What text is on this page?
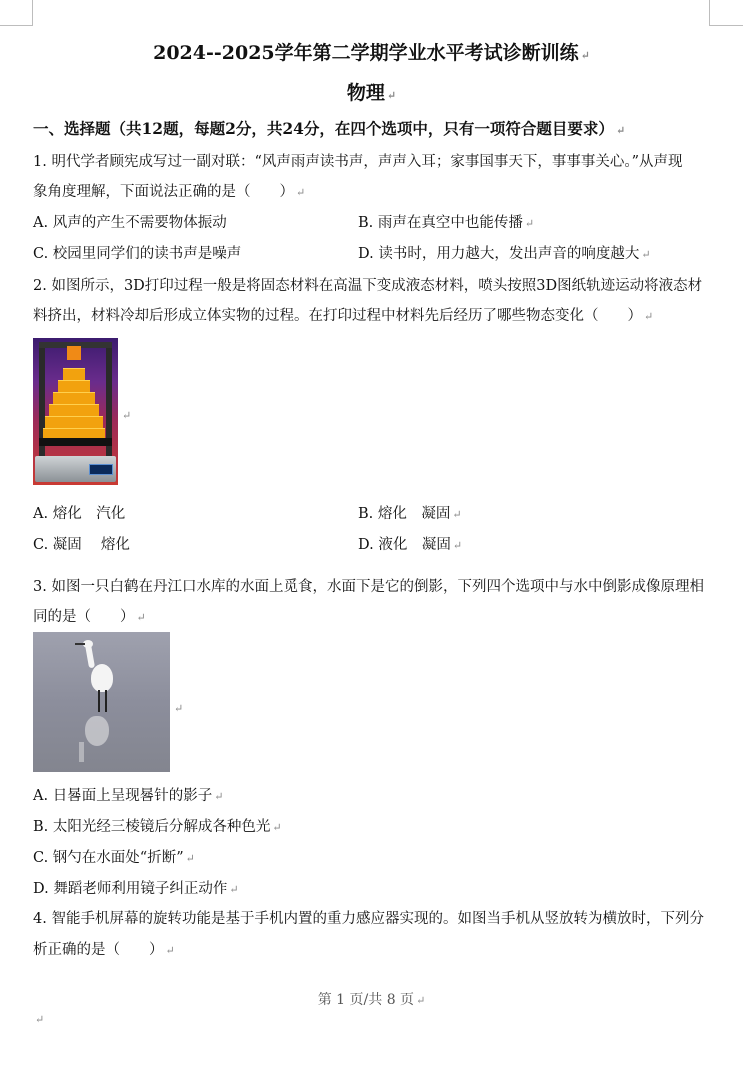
2024--2025学年第二学期学业水平考试诊断训练 ↵
物理 ↵
一、选择题（共12题，每题2分，共24分，在四个选项中，只有一项符合题目要求） ↵
1. 明代学者顾宪成写过一副对联：“风声雨声读书声，声声入耳；家事国事天下，事事事关心。”从声现
象角度理解，下面说法正确的是（　　） ↵
A. 风声的产生不需要物体振动	B. 雨声在真空中也能传播 ↵
C. 校园里同学们的读书声是噪声	D. 读书时，用力越大，发出声音的响度越大 ↵
2. 如图所示，3D打印过程一般是将固态材料在高温下变成液态材料，喷头按照3D图纸轨迹运动将液态材
料挤出，材料冷却后形成立体实物的过程。在打印过程中材料先后经历了哪些物态变化（　　） ↵
↵
A. 熔化　汽化	B. 熔化　凝固 ↵
C. 凝固　 熔化	D. 液化　凝固 ↵
3. 如图一只白鹤在丹江口水库的水面上觅食，水面下是它的倒影，下列四个选项中与水中倒影成像原理相
同的是（　　） ↵
↵
A. 日晷面上呈现晷针的影子 ↵
B. 太阳光经三棱镜后分解成各种色光 ↵
C. 钢勺在水面处“折断” ↵
D. 舞蹈老师利用镜子纠正动作 ↵
4. 智能手机屏幕的旋转功能是基于手机内置的重力感应器实现的。如图当手机从竖放转为横放时，下列分
析正确的是（　　） ↵
第 1 页/共 8 页 ↵
↵
